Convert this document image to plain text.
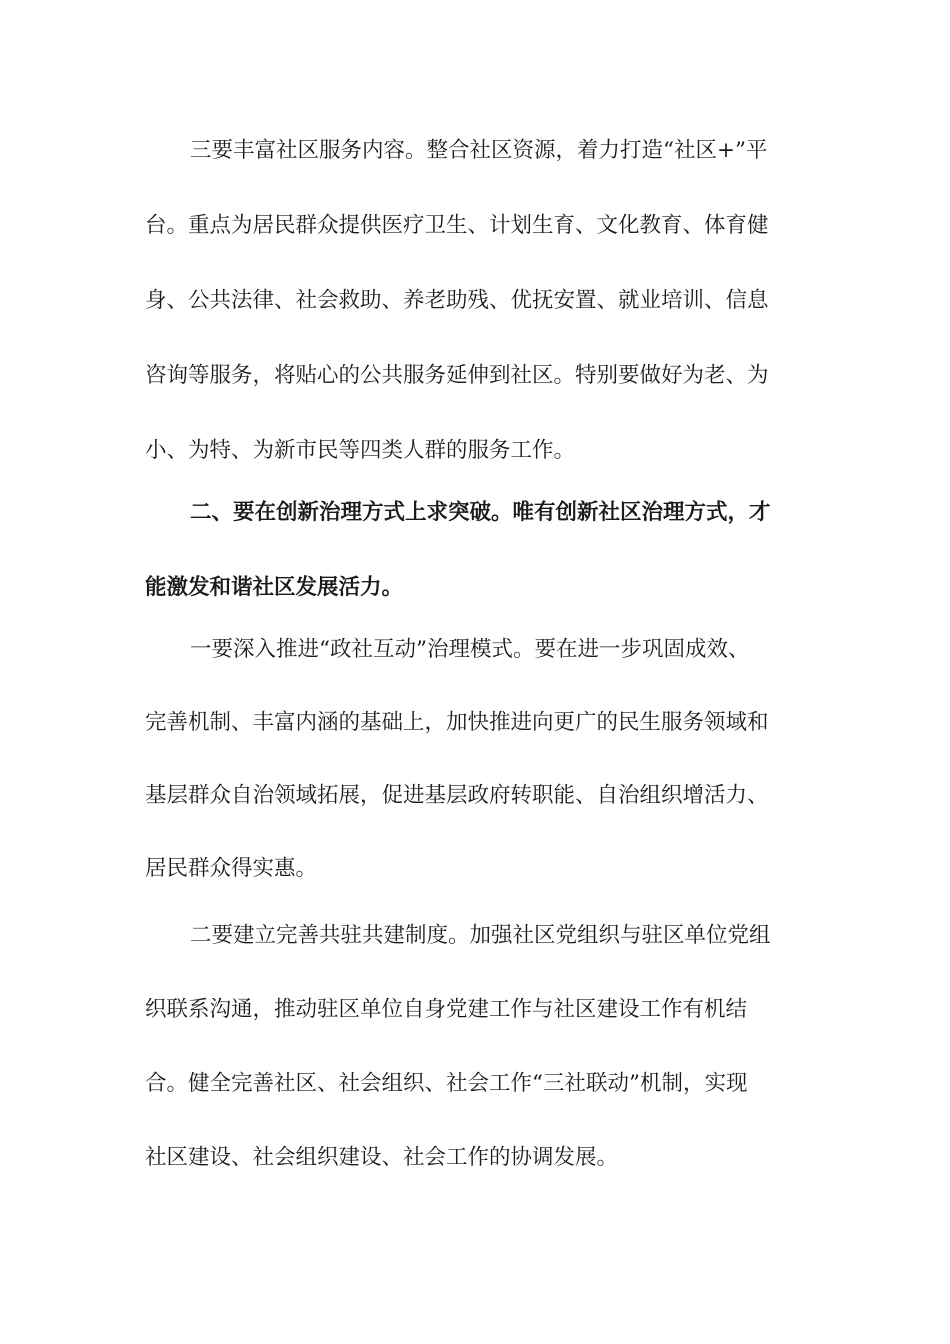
三要丰富社区服务内容。整合社区资源，着力打造“社区+”平
台。重点为居民群众提供医疗卫生、计划生育、文化教育、体育健
身、公共法律、社会救助、养老助残、优抚安置、就业培训、信息
咨询等服务，将贴心的公共服务延伸到社区。特别要做好为老、为
小、为特、为新市民等四类人群的服务工作。
二、要在创新治理方式上求突破。唯有创新社区治理方式，才
能激发和谐社区发展活力。
一要深入推进“政社互动”治理模式。要在进一步巩固成效、
完善机制、丰富内涵的基础上，加快推进向更广的民生服务领域和
基层群众自治领域拓展，促进基层政府转职能、自治组织增活力、
居民群众得实惠。
二要建立完善共驻共建制度。加强社区党组织与驻区单位党组
织联系沟通，推动驻区单位自身党建工作与社区建设工作有机结
合。健全完善社区、社会组织、社会工作“三社联动”机制，实现
社区建设、社会组织建设、社会工作的协调发展。
